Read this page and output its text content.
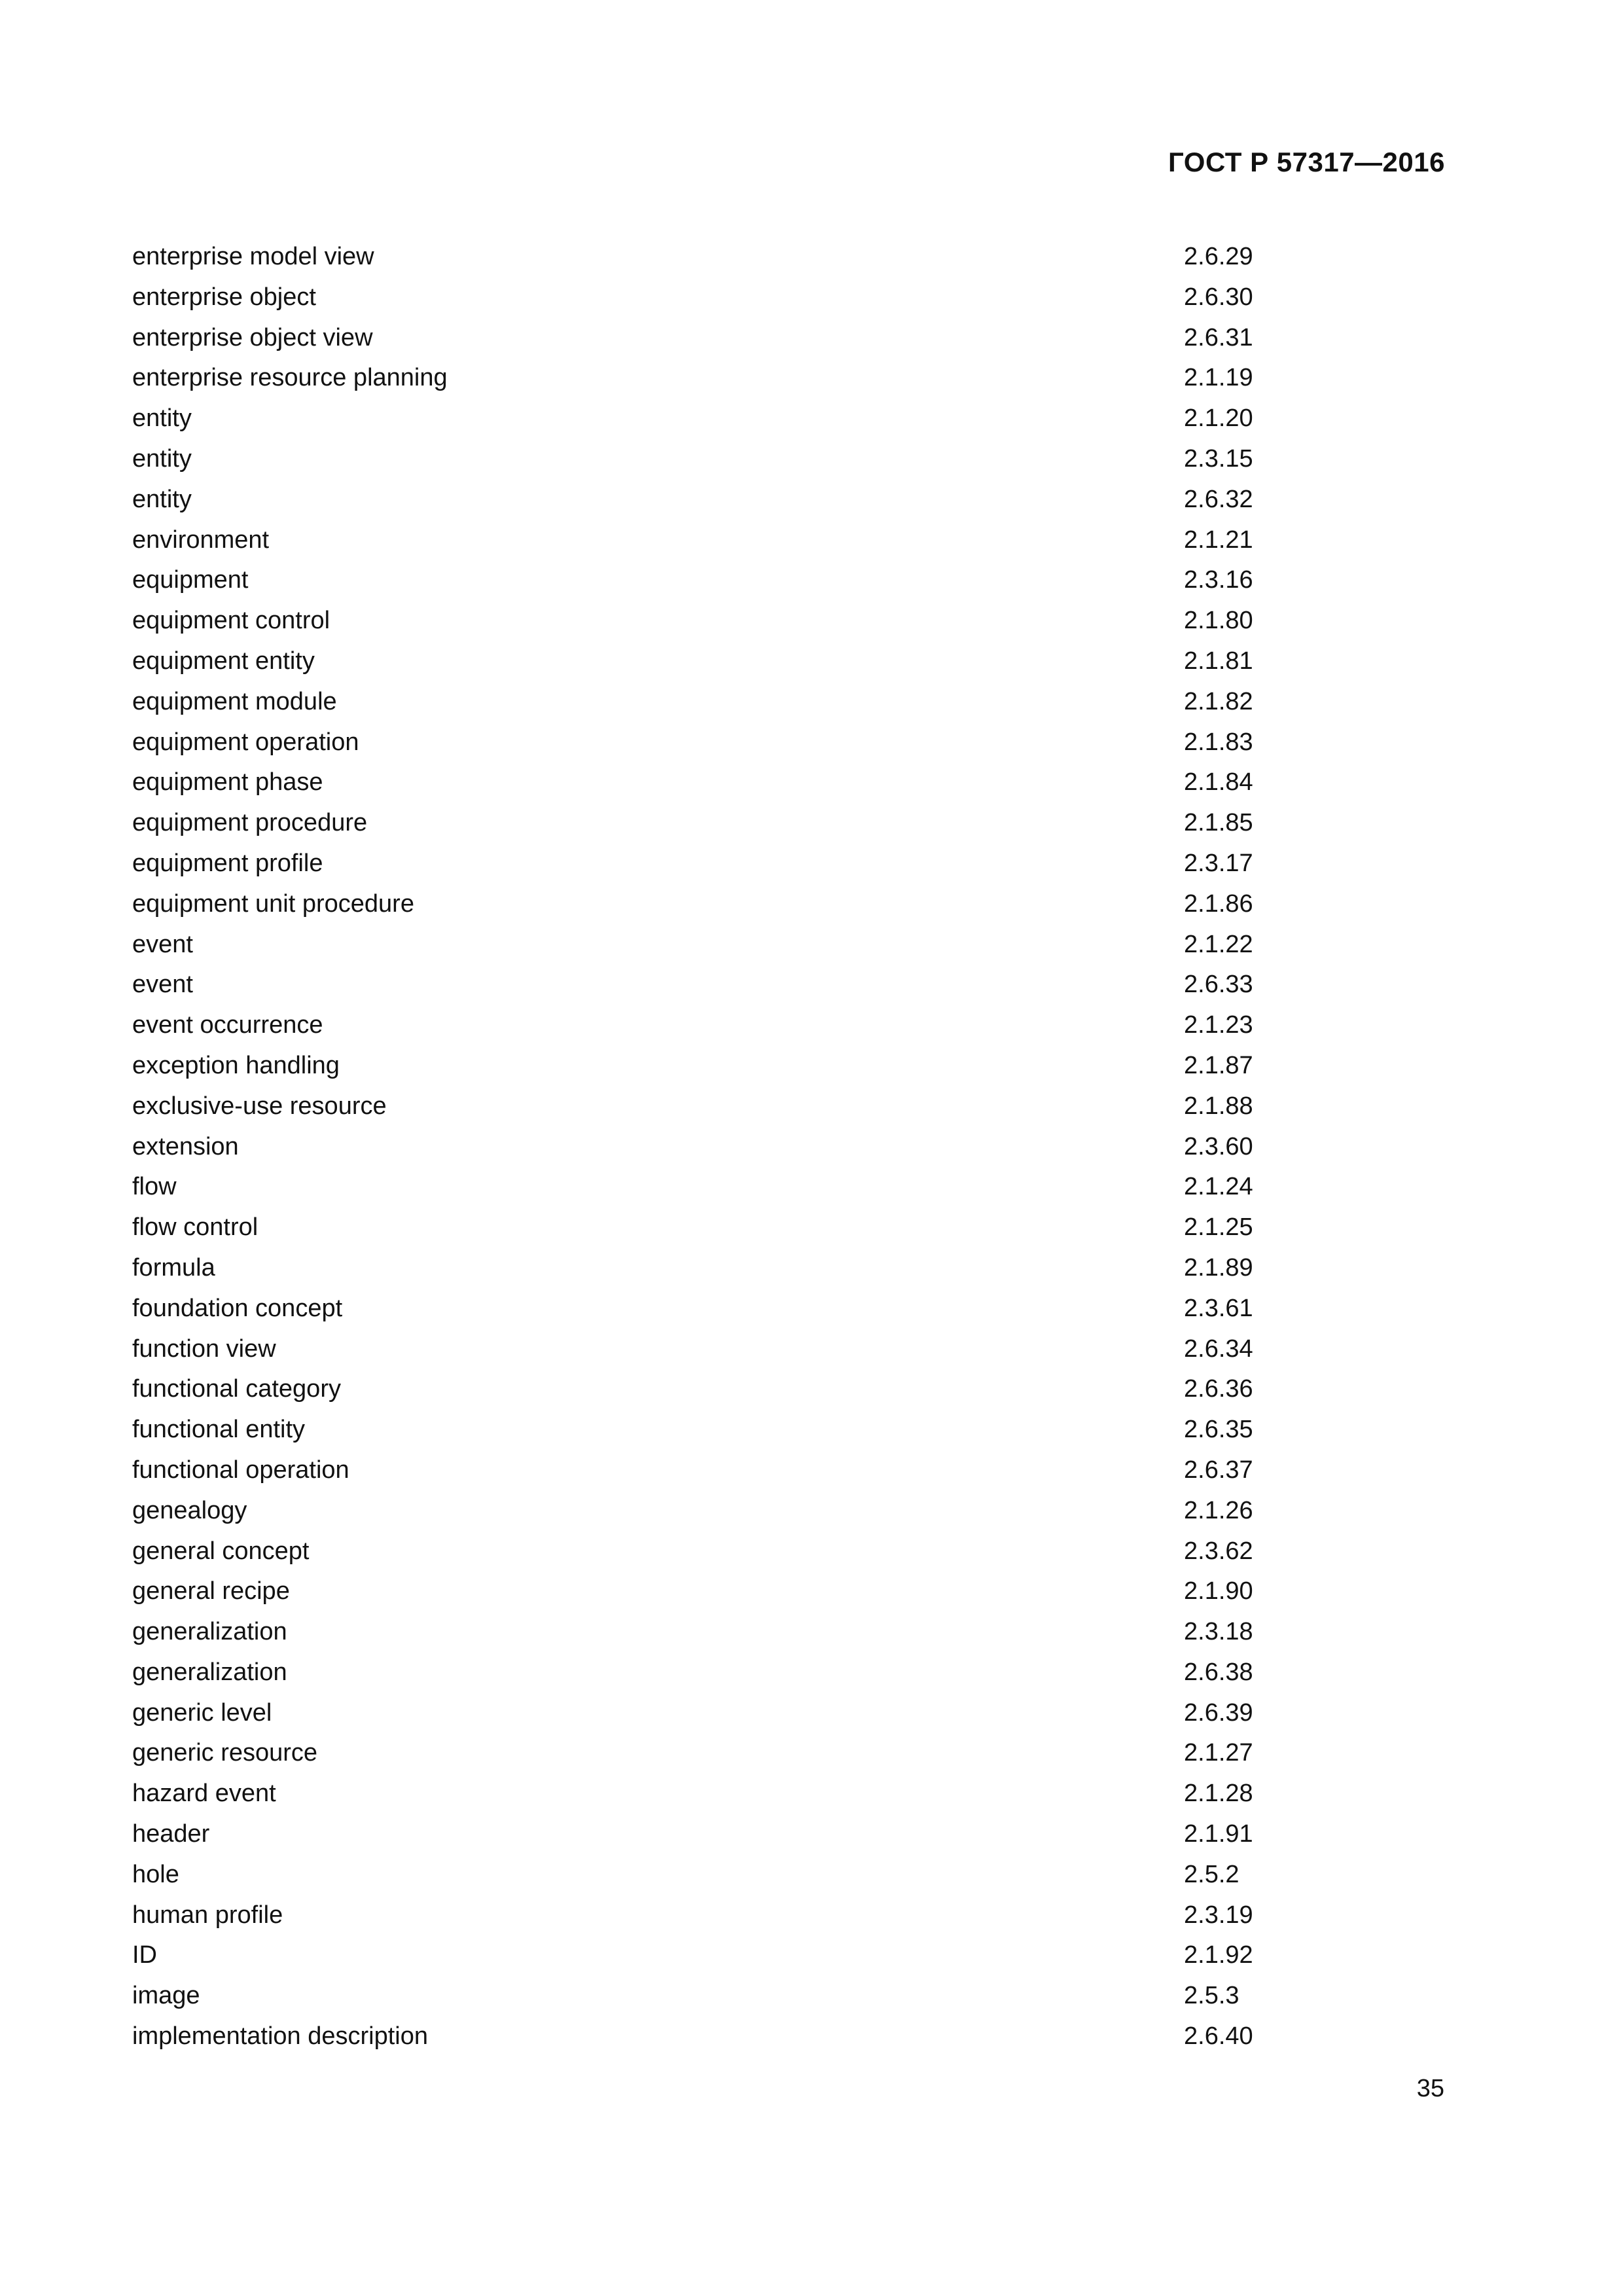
ГОСТ Р 57317—2016
enterprise model view	2.6.29
enterprise object	2.6.30
enterprise object view	2.6.31
enterprise resource planning	2.1.19
entity	2.1.20
entity	2.3.15
entity	2.6.32
environment	2.1.21
equipment	2.3.16
equipment control	2.1.80
equipment entity	2.1.81
equipment module	2.1.82
equipment operation	2.1.83
equipment phase	2.1.84
equipment procedure	2.1.85
equipment profile	2.3.17
equipment unit procedure	2.1.86
event	2.1.22
event	2.6.33
event occurrence	2.1.23
exception handling	2.1.87
exclusive-use resource	2.1.88
extension	2.3.60
flow	2.1.24
flow control	2.1.25
formula	2.1.89
foundation concept	2.3.61
function view	2.6.34
functional category	2.6.36
functional entity	2.6.35
functional operation	2.6.37
genealogy	2.1.26
general concept	2.3.62
general recipe	2.1.90
generalization	2.3.18
generalization	2.6.38
generic level	2.6.39
generic resource	2.1.27
hazard event	2.1.28
header	2.1.91
hole	2.5.2
human profile	2.3.19
ID	2.1.92
image	2.5.3
implementation description	2.6.40
35
